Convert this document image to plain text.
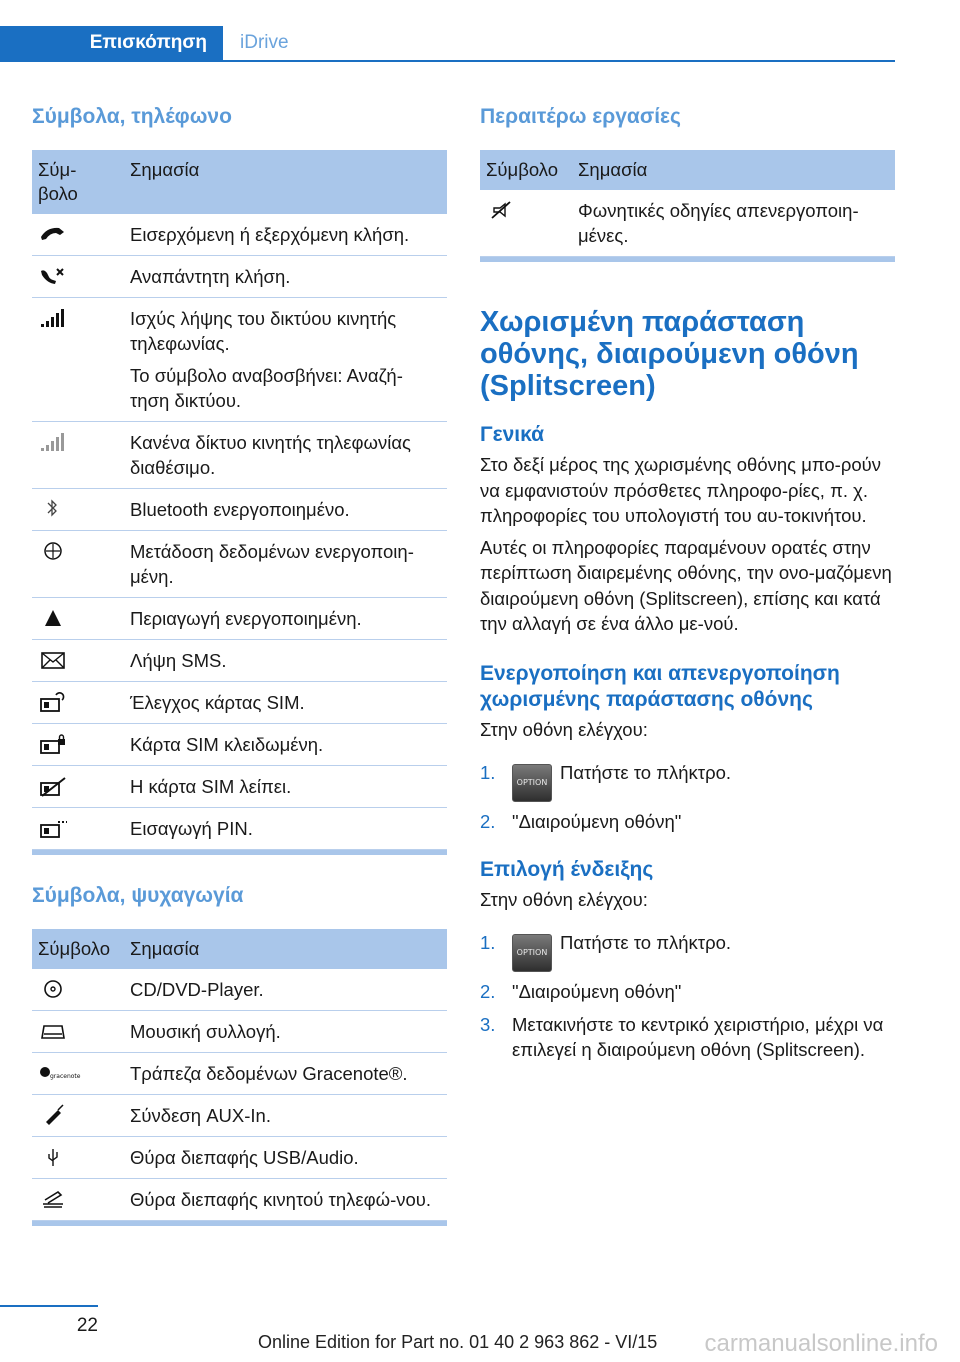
Επισκόπηση	iDrive
Σύμβολα, τηλέφωνο
Σύμ-βολο	Σημασία

Εισερχόμενη ή εξερχόμενη κλήση.

Αναπάντητη κλήση.

Ισχύς λήψης του δικτύου κινητής τηλεφωνίας.

Το σύμβολο αναβοσβήνει: Αναζή-τηση δικτύου.

Κανένα δίκτυο κινητής τηλεφωνίας διαθέσιμο.

Bluetooth ενεργοποιημένο.

Μετάδοση δεδομένων ενεργοποιη-μένη.

Περιαγωγή ενεργοποιημένη.

Λήψη SMS.

Έλεγχος κάρτας SIM.

Κάρτα SIM κλειδωμένη.

Η κάρτα SIM λείπει.

Εισαγωγή PIN.

Σύμβολα, ψυχαγωγία
Σύμβολο	Σημασία

CD/DVD-Player.

Μουσική συλλογή.

gracenote	Τράπεζα δεδομένων Gracenote®.

Σύνδεση AUX-In.

Θύρα διεπαφής USB/Audio.

Θύρα διεπαφής κινητού τηλεφώ-νου.

Περαιτέρω εργασίες
Σύμβολο	Σημασία

Φωνητικές οδηγίες απενεργοποιη-μένες.

Χωρισμένη παράσταση οθόνης, διαιρούμενη οθόνη (Splitscreen)
Γενικά

Στο δεξί μέρος της χωρισμένης οθόνης μπο-ρούν να εμφανιστούν πρόσθετες πληροφο-ρίες, π. χ. πληροφορίες του υπολογιστή του αυ-τοκινήτου.

Αυτές οι πληροφορίες παραμένουν ορατές στην περίπτωση διαιρεμένης οθόνης, την ονο-μαζόμενη διαιρούμενη οθόνη (Splitscreen), επίσης και κατά την αλλαγή σε ένα άλλο με-νού.

Ενεργοποίηση και απενεργοποίηση χωρισμένης παράστασης οθόνης

Στην οθόνη ελέγχου:

1.	OPTION Πατήστε το πλήκτρο.
2. "Διαιρούμενη οθόνη"
Επιλογή ένδειξης

Στην οθόνη ελέγχου:

1.	OPTION Πατήστε το πλήκτρο.
2. "Διαιρούμενη οθόνη"
3. Μετακινήστε το κεντρικό χειριστήριο, μέχρι να επιλεγεί η διαιρούμενη οθόνη (Splitscreen).
22
Online Edition for Part no. 01 40 2 963 862 - VI/15 carmanualsonline.info
